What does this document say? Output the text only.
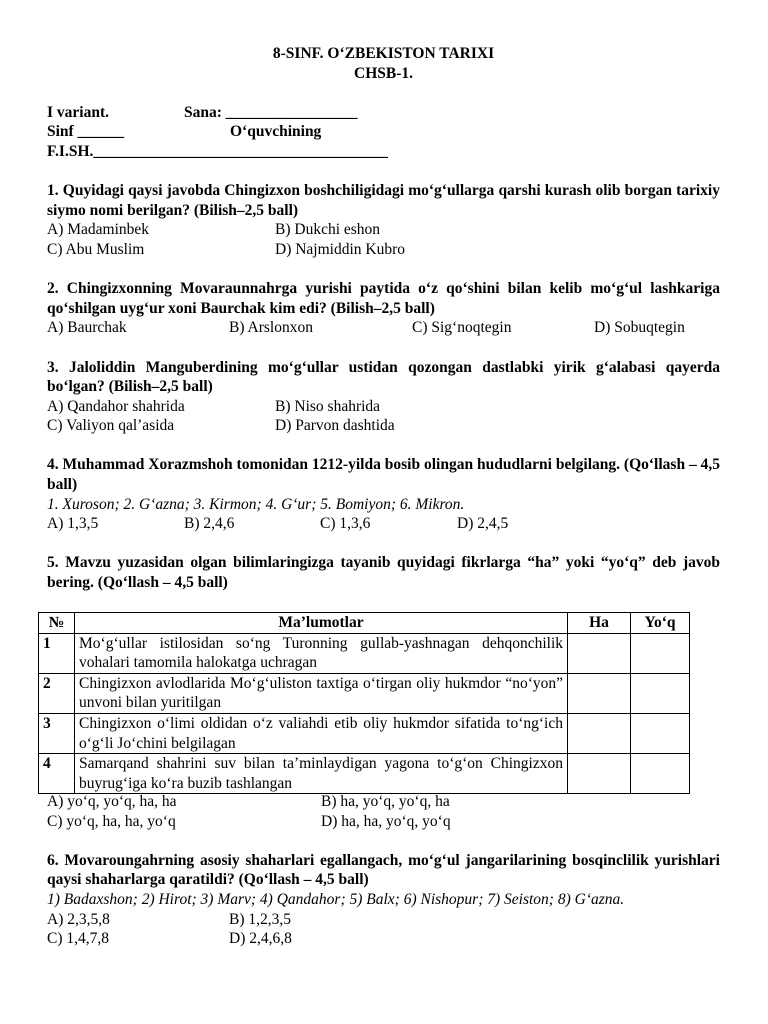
8-SINF. O‘ZBEKISTON TARIXI
CHSB-1.
I variant.	Sana: _________________
Sinf ______	O‘quvchining
F.I.SH.______________________________________
1. Quyidagi qaysi javobda Chingizxon boshchiligidagi mo‘g‘ullarga qarshi kurash olib borgan tarixiy siymo nomi berilgan? (Bilish–2,5 ball)
A) Madaminbek	B) Dukchi eshon
C) Abu Muslim	D) Najmiddin Kubro
2. Chingizxonning Movaraunnahrga yurishi paytida o‘z qo‘shini bilan kelib mo‘g‘ul lashkariga qo‘shilgan uyg‘ur xoni Baurchak kim edi? (Bilish–2,5 ball)
A) Baurchak	B) Arslonxon	C) Sig‘noqtegin	D) Sobuqtegin
3. Jaloliddin Manguberdining mo‘g‘ullar ustidan qozongan dastlabki yirik g‘alabasi qayerda bo‘lgan? (Bilish–2,5 ball)
A) Qandahor shahrida	B) Niso shahrida
C) Valiyon qal’asida	D) Parvon dashtida
4. Muhammad Xorazmshoh tomonidan 1212-yilda bosib olingan hududlarni belgilang. (Qo‘llash – 4,5 ball)
1. Xuroson; 2. G‘azna; 3. Kirmon; 4. G‘ur; 5. Bomiyon; 6. Mikron.
A) 1,3,5	B) 2,4,6	C) 1,3,6	D) 2,4,5
5. Mavzu yuzasidan olgan bilimlaringizga tayanib quyidagi fikrlarga “ha” yoki “yo‘q” deb javob bering. (Qo‘llash – 4,5 ball)
№	Ma’lumotlar	Ha	Yo‘q
1	Mo‘g‘ullar istilosidan so‘ng Turonning gullab-yashnagan dehqonchilik vohalari tamomila halokatga uchragan		
2	Chingizxon avlodlarida Mo‘g‘uliston taxtiga o‘tirgan oliy hukmdor “no‘yon” unvoni bilan yuritilgan		
3	Chingizxon o‘limi oldidan o‘z valiahdi etib oliy hukmdor sifatida to‘ng‘ich o‘g‘li Jo‘chini belgilagan		
4	Samarqand shahrini suv bilan ta’minlaydigan yagona to‘g‘on Chingizxon buyrug‘iga ko‘ra buzib tashlangan		
A) yo‘q, yo‘q, ha, ha	B) ha, yo‘q, yo‘q, ha
C) yo‘q, ha, ha, yo‘q	D) ha, ha, yo‘q, yo‘q
6. Movaroungahrning asosiy shaharlari egallangach, mo‘g‘ul jangarilarining bosqinclilik yurishlari qaysi shaharlarga qaratildi? (Qo‘llash – 4,5 ball)
1) Badaxshon; 2) Hirot; 3) Marv; 4) Qandahor; 5) Balx; 6) Nishopur; 7) Seiston; 8) G‘azna.
A) 2,3,5,8	B) 1,2,3,5
C) 1,4,7,8	D) 2,4,6,8
